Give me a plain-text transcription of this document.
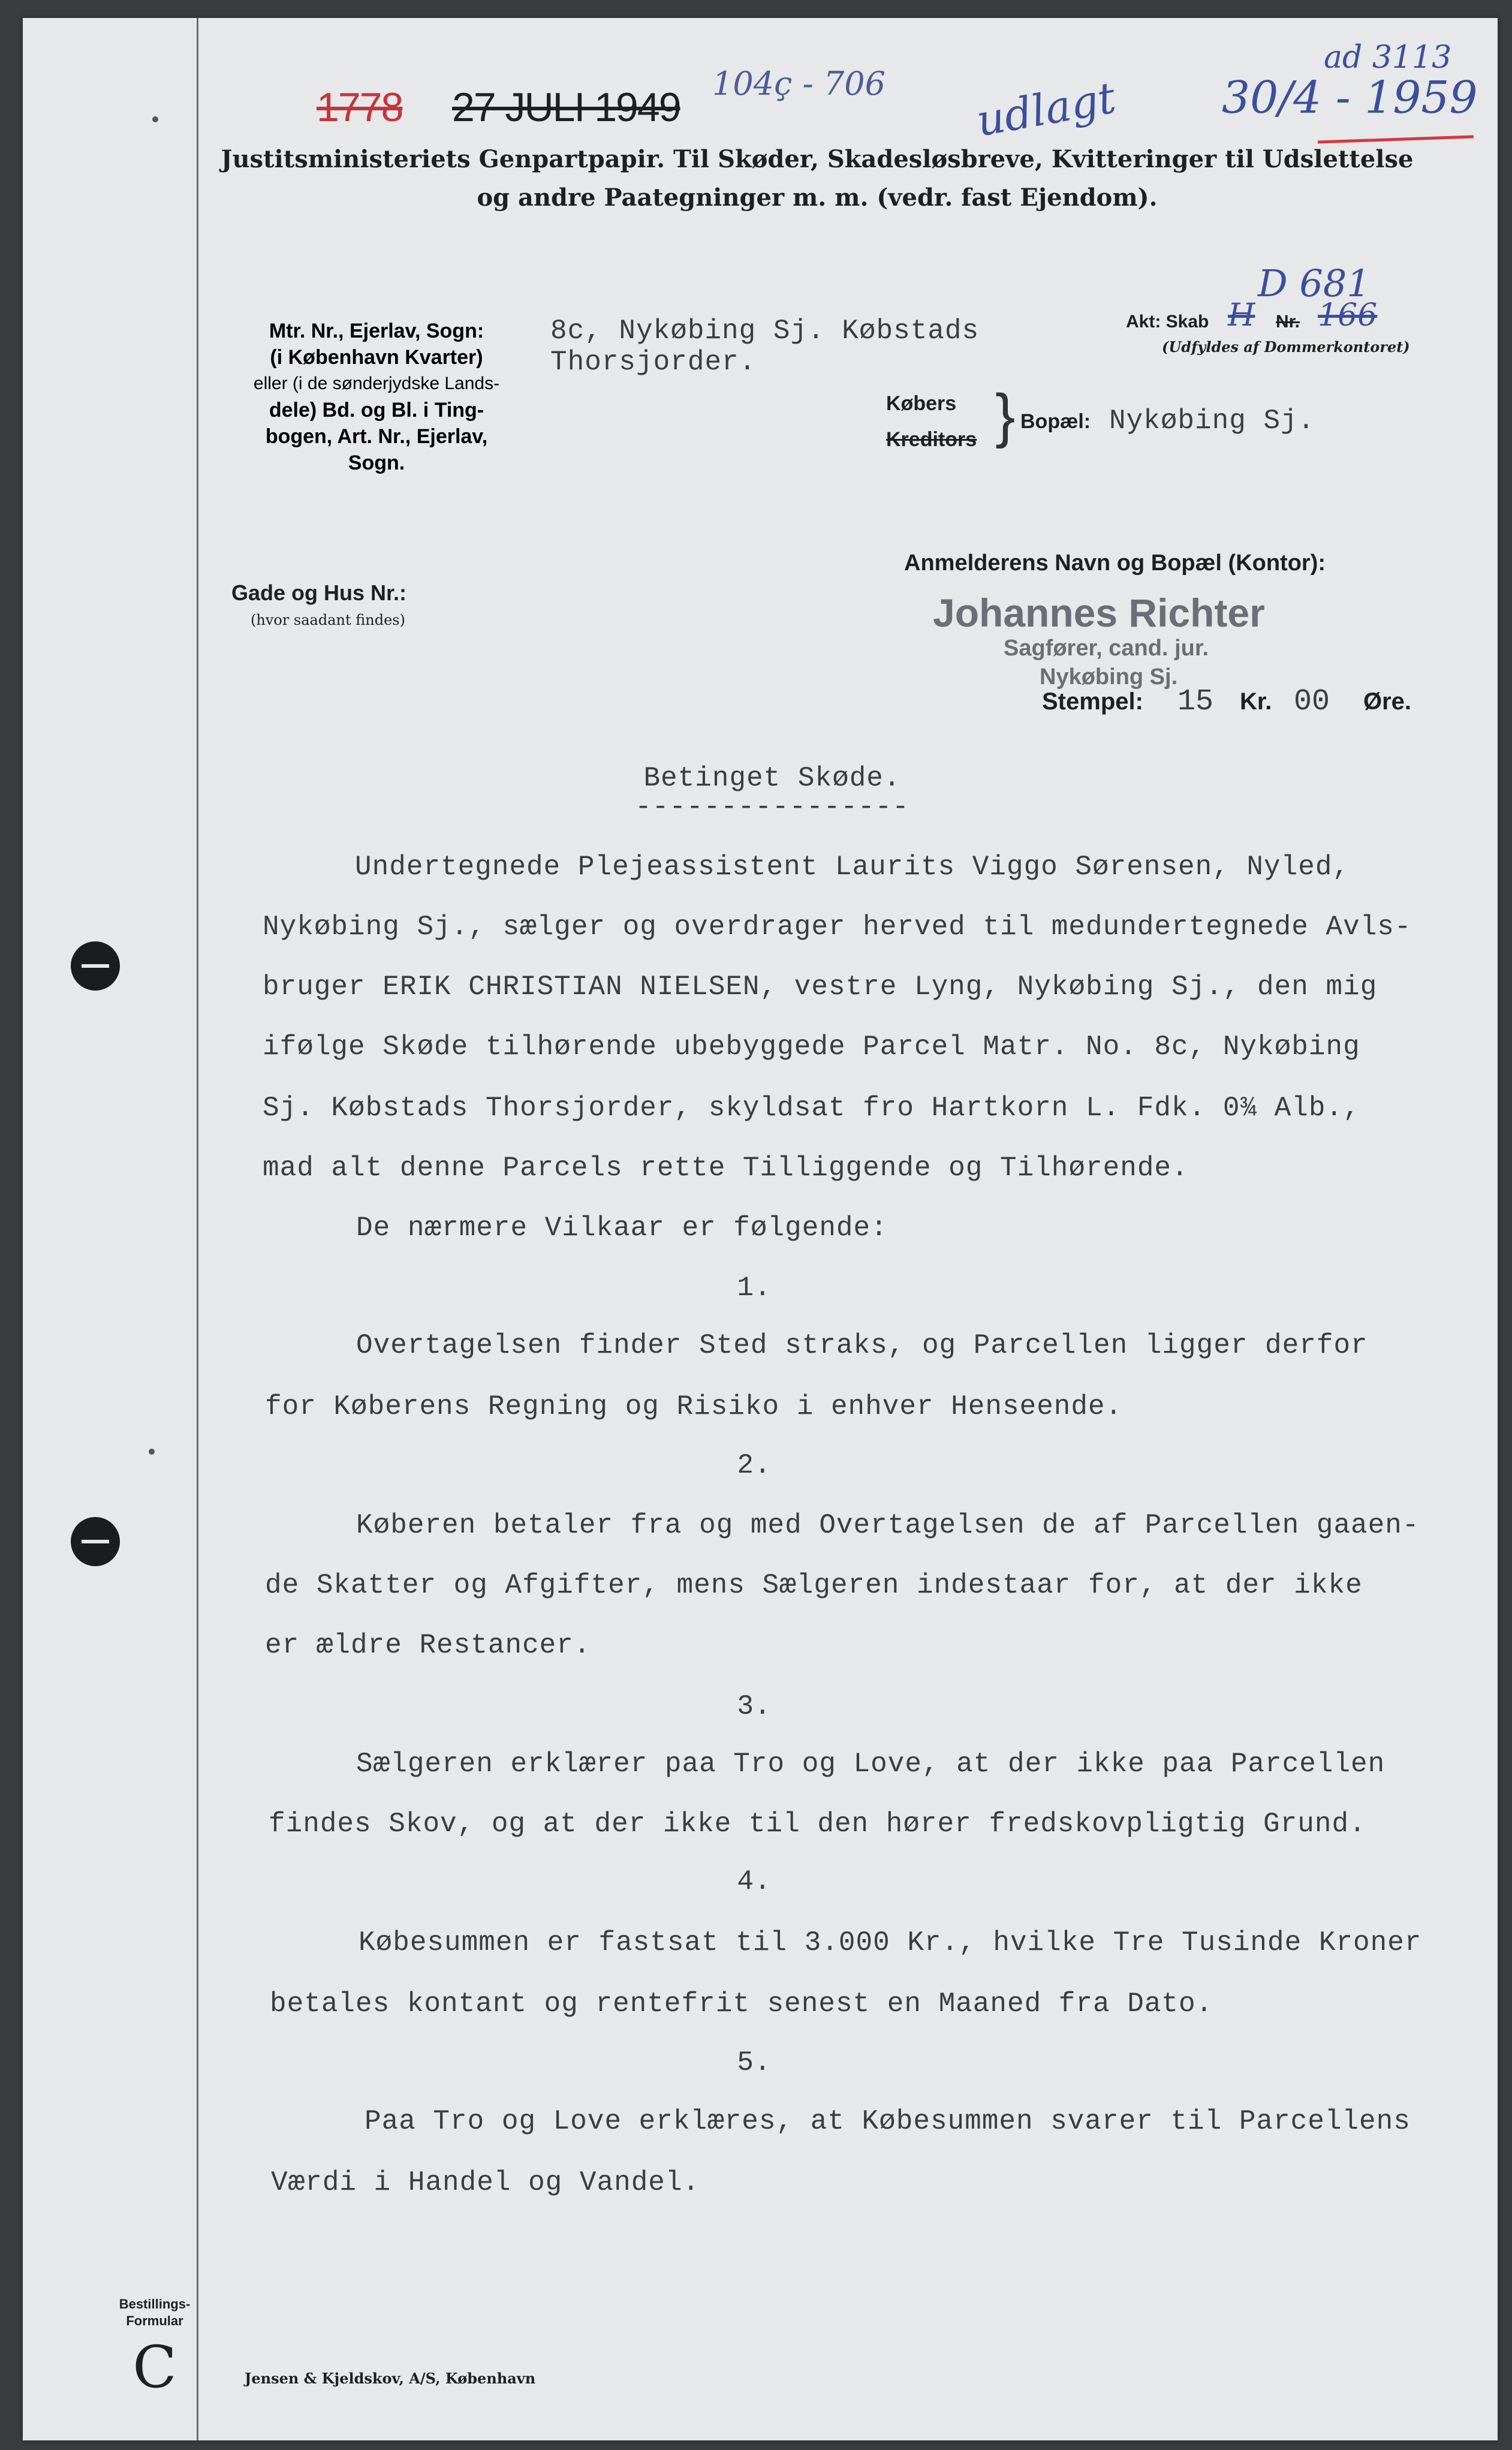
1778 27 JULI 1949
104ç - 706 udlagt 30/4 - 1959
ad 3113
D 681
Justitsministeriets Genpartpapir. Til Skøder, Skadesløsbreve, Kvitteringer til Udslettelse
og andre Paategninger m. m. (vedr. fast Ejendom).
Mtr. Nr., Ejerlav, Sogn:
(i København Kvarter)
eller (i de sønderjydske Lands-
dele) Bd. og Bl. i Ting-
bogen, Art. Nr., Ejerlav,
Sogn.
8c, Nykøbing Sj. Købstads
Thorsjorder.
Akt: Skab H Nr. 166
(Udfyldes af Dommerkontoret)
Købers
Kreditors } Bopæl: Nykøbing Sj.
Gade og Hus Nr.:
(hvor saadant findes)
Anmelderens Navn og Bopæl (Kontor):
Johannes Richter
Sagfører, cand. jur.
Nykøbing Sj.
Stempel: 15 Kr. 00 Øre.
Betinget Skøde.
----------------
Undertegnede Plejeassistent Laurits Viggo Sørensen, Nyled,
Nykøbing Sj., sælger og overdrager herved til medundertegnede Avls-
bruger ERIK CHRISTIAN NIELSEN, vestre Lyng, Nykøbing Sj., den mig
ifølge Skøde tilhørende ubebyggede Parcel Matr. No. 8c, Nykøbing
Sj. Købstads Thorsjorder, skyldsat fro Hartkorn L. Fdk. 0¾ Alb.,
mad alt denne Parcels rette Tilliggende og Tilhørende.
De nærmere Vilkaar er følgende:
1.
Overtagelsen finder Sted straks, og Parcellen ligger derfor
for Køberens Regning og Risiko i enhver Henseende.
2.
Køberen betaler fra og med Overtagelsen de af Parcellen gaaen-
de Skatter og Afgifter, mens Sælgeren indestaar for, at der ikke
er ældre Restancer.
3.
Sælgeren erklærer paa Tro og Love, at der ikke paa Parcellen
findes Skov, og at der ikke til den hører fredskovpligtig Grund.
4.
Købesummen er fastsat til 3.000 Kr., hvilke Tre Tusinde Kroner
betales kontant og rentefrit senest en Maaned fra Dato.
5.
Paa Tro og Love erklæres, at Købesummen svarer til Parcellens
Værdi i Handel og Vandel.
Bestillings-
Formular
C	Jensen & Kjeldskov, A/S, København
